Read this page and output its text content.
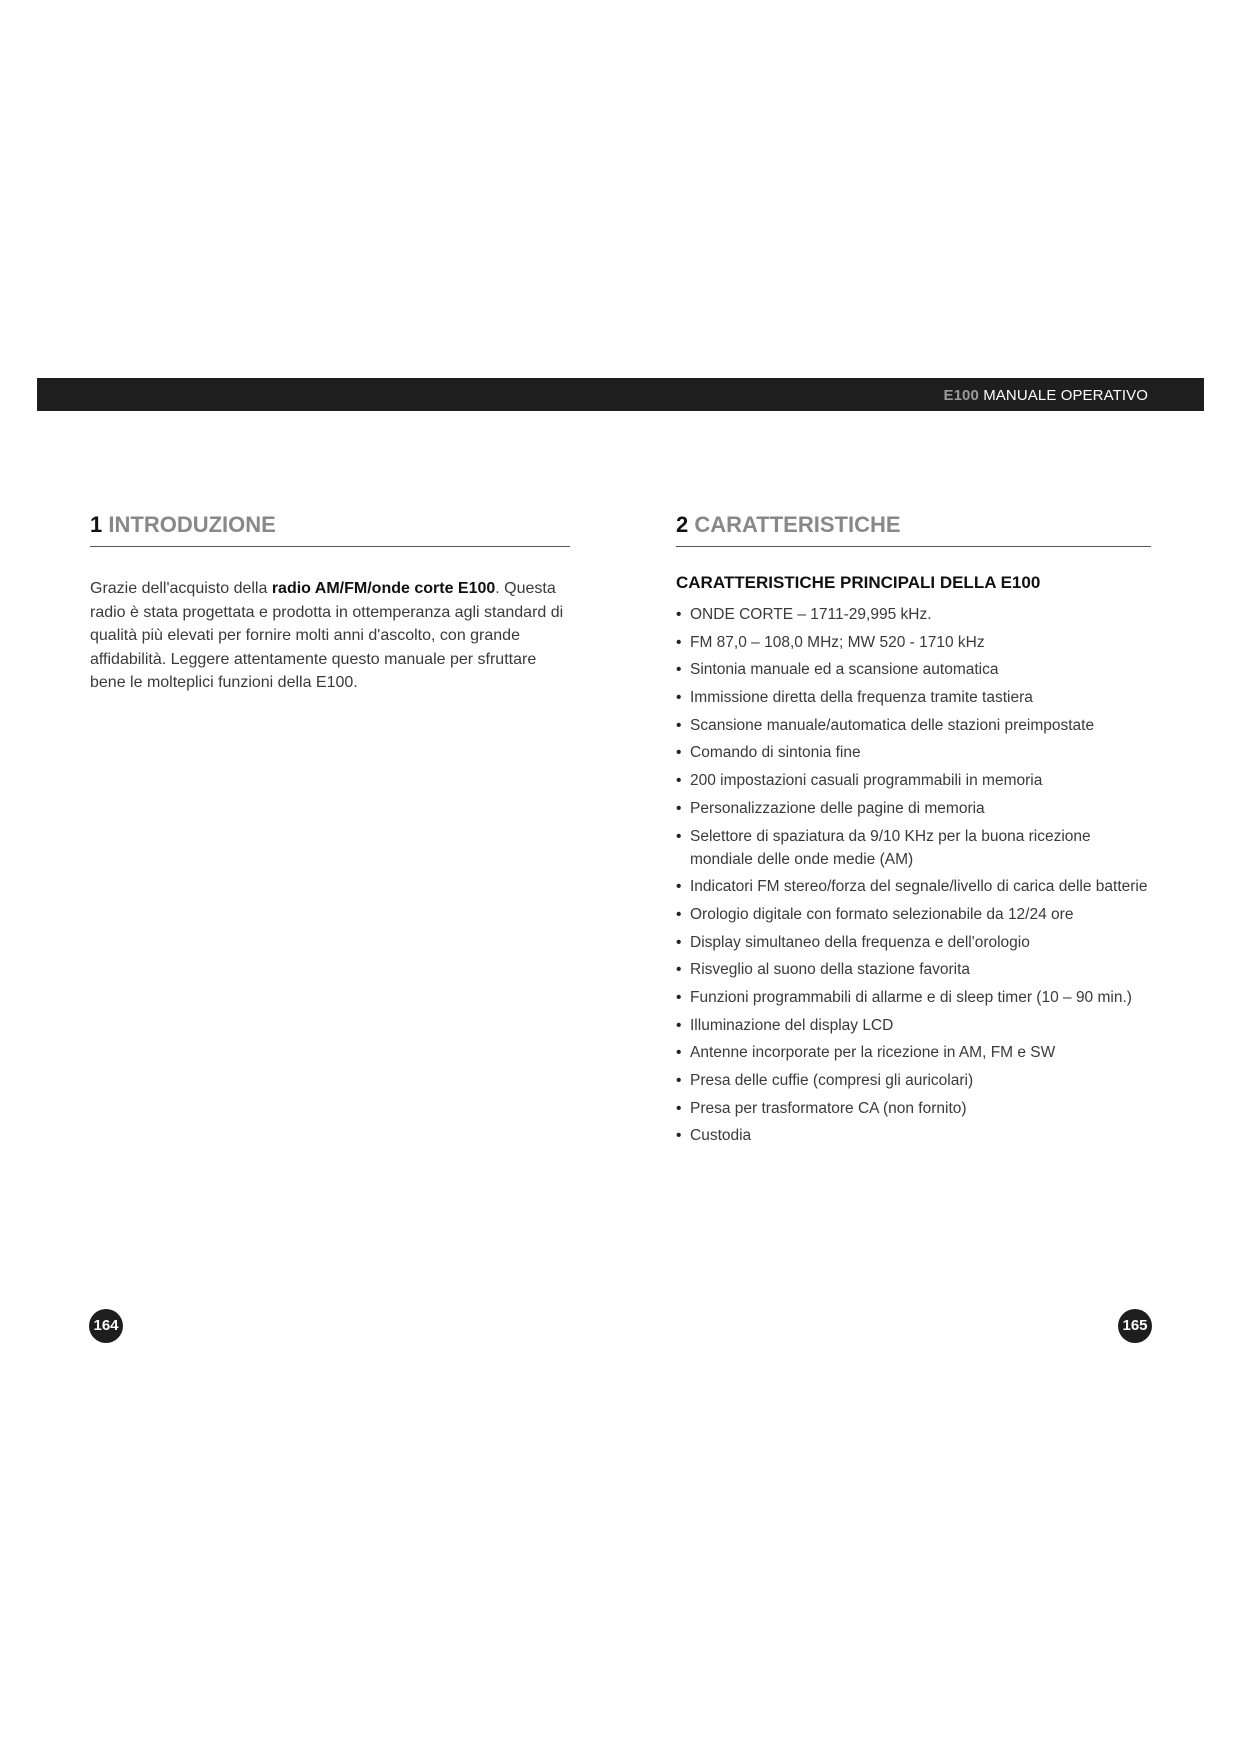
E100 MANUALE OPERATIVO
1 INTRODUZIONE

Grazie dell'acquisto della radio AM/FM/onde corte E100. Questa radio è stata progettata e prodotta in ottemperanza agli standard di qualità più elevati per fornire molti anni d'ascolto, con grande affidabilità. Leggere attentamente questo manuale per sfruttare bene le molteplici funzioni della E100.

2 CARATTERISTICHE
CARATTERISTICHE PRINCIPALI DELLA E100
• ONDE CORTE – 1711-29,995 kHz.
• FM 87,0 – 108,0 MHz; MW 520 - 1710 kHz
• Sintonia manuale ed a scansione automatica
• Immissione diretta della frequenza tramite tastiera
• Scansione manuale/automatica delle stazioni preimpostate
• Comando di sintonia fine
• 200 impostazioni casuali programmabili in memoria
• Personalizzazione delle pagine di memoria
• Selettore di spaziatura da 9/10 KHz per la buona ricezione mondiale delle onde medie (AM)
• Indicatori FM stereo/forza del segnale/livello di carica delle batterie
• Orologio digitale con formato selezionabile da 12/24 ore
• Display simultaneo della frequenza e dell'orologio
• Risveglio al suono della stazione favorita
• Funzioni programmabili di allarme e di sleep timer (10 – 90 min.)
• Illuminazione del display LCD
• Antenne incorporate per la ricezione in AM, FM e SW
• Presa delle cuffie (compresi gli auricolari)
• Presa per trasformatore CA (non fornito)
• Custodia
164	165
